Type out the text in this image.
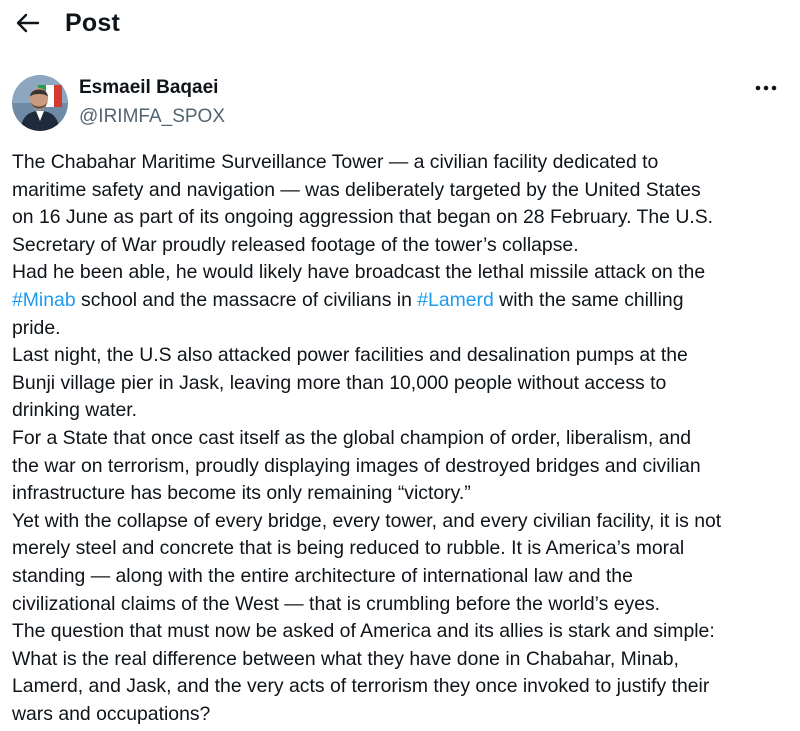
Post
Esmaeil Baqaei
@IRIMFA_SPOX

The Chabahar Maritime Surveillance Tower — a civilian facility dedicated to
maritime safety and navigation — was deliberately targeted by the United States
on 16 June as part of its ongoing aggression that began on 28 February. The U.S.
Secretary of War proudly released footage of the tower’s collapse.

Had he been able, he would likely have broadcast the lethal missile attack on the
#Minab school and the massacre of civilians in #Lamerd with the same chilling
pride.

Last night, the U.S also attacked power facilities and desalination pumps at the
Bunji village pier in Jask, leaving more than 10,000 people without access to
drinking water.

For a State that once cast itself as the global champion of order, liberalism, and
the war on terrorism, proudly displaying images of destroyed bridges and civilian
infrastructure has become its only remaining “victory.”

Yet with the collapse of every bridge, every tower, and every civilian facility, it is not
merely steel and concrete that is being reduced to rubble. It is America’s moral
standing — along with the entire architecture of international law and the
civilizational claims of the West — that is crumbling before the world’s eyes.

The question that must now be asked of America and its allies is stark and simple:
What is the real difference between what they have done in Chabahar, Minab,
Lamerd, and Jask, and the very acts of terrorism they once invoked to justify their
wars and occupations?
